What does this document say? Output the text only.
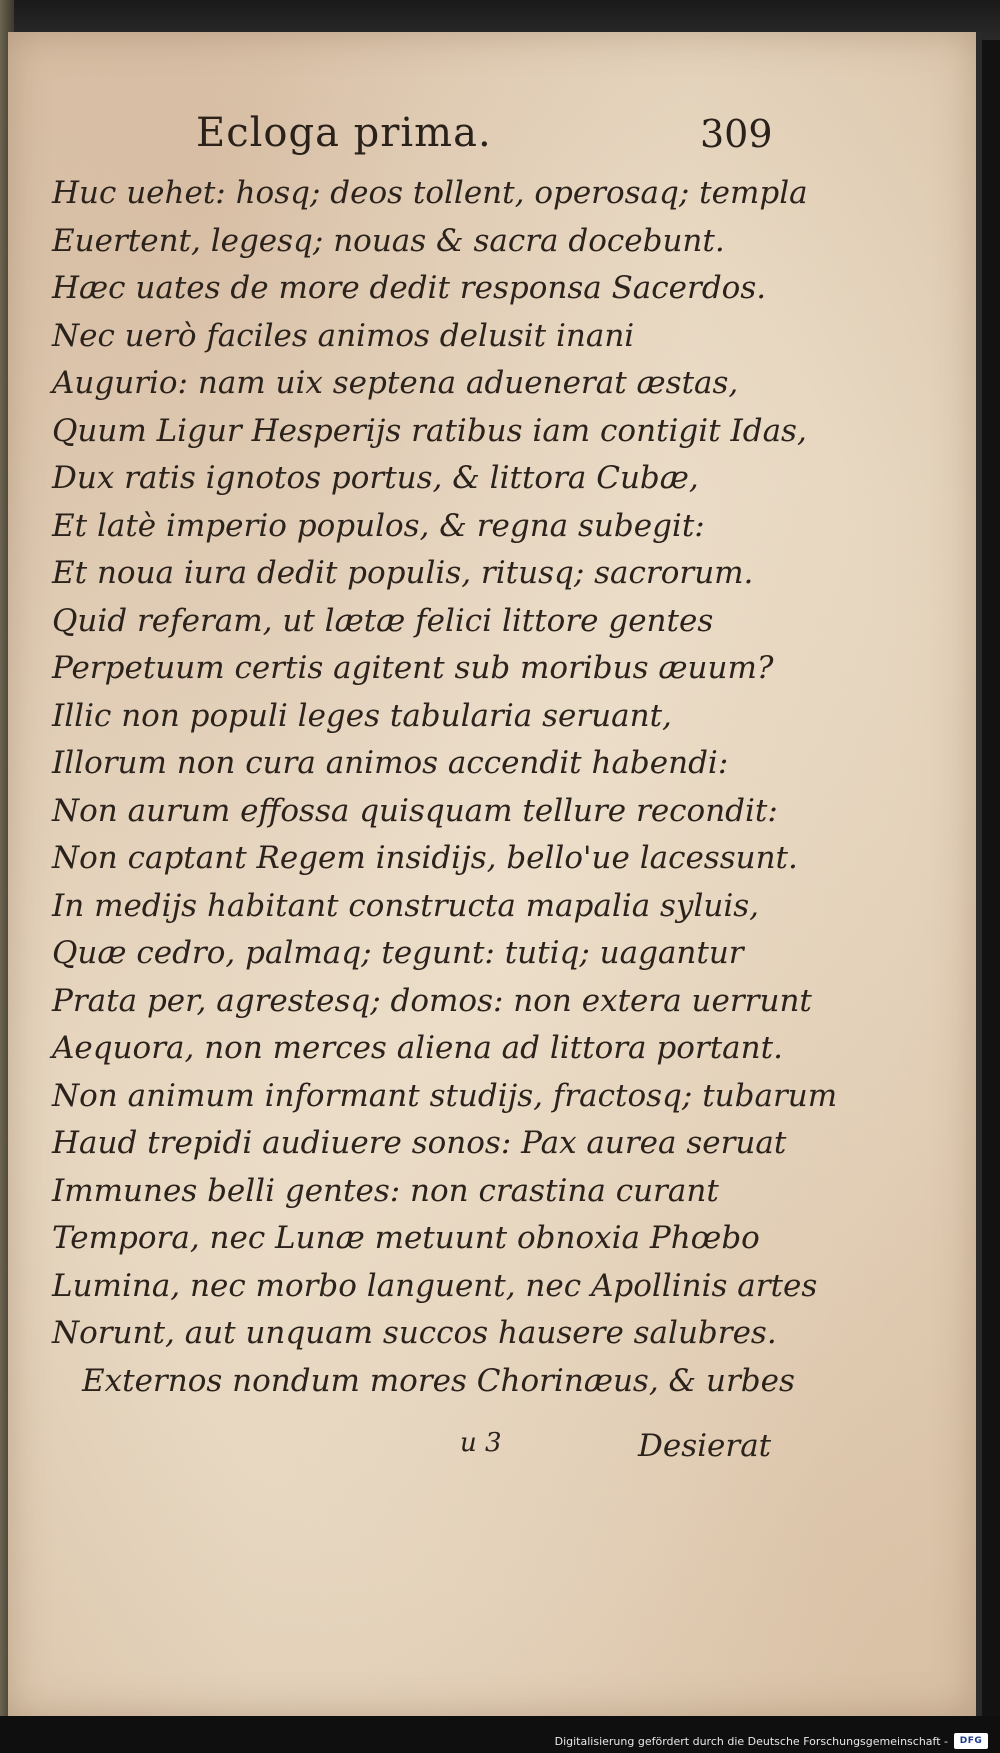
Ecloga prima.	309
Huc uehet: hosq; deos tollent, operosaq; templa
Euertent, legesq; nouas & sacra docebunt.
Hæc uates de more dedit responsa Sacerdos.
Nec uerò faciles animos delusit inani
Augurio: nam uix septena aduenerat æstas,
Quum Ligur Hesperijs ratibus iam contigit Idas,
Dux ratis ignotos portus, & littora Cubæ,
Et latè imperio populos, & regna subegit:
Et noua iura dedit populis, ritusq; sacrorum.
Quid referam, ut lætæ felici littore gentes
Perpetuum certis agitent sub moribus æuum?
Illic non populi leges tabularia seruant,
Illorum non cura animos accendit habendi:
Non aurum effossa quisquam tellure recondit:
Non captant Regem insidijs, bello'ue lacessunt.
In medijs habitant constructa mapalia syluis,
Quæ cedro, palmaq; tegunt: tutiq; uagantur
Prata per, agrestesq; domos: non extera uerrunt
Aequora, non merces aliena ad littora portant.
Non animum informant studijs, fractosq; tubarum
Haud trepidi audiuere sonos: Pax aurea seruat
Immunes belli gentes: non crastina curant
Tempora, nec Lunæ metuunt obnoxia Phœbo
Lumina, nec morbo languent, nec Apollinis artes
Norunt, aut unquam succos hausere salubres.
Externos nondum mores Chorinæus, & urbes
u 3	Desierat
Digitalisierung gefördert durch die Deutsche Forschungsgemeinschaft - DFG
